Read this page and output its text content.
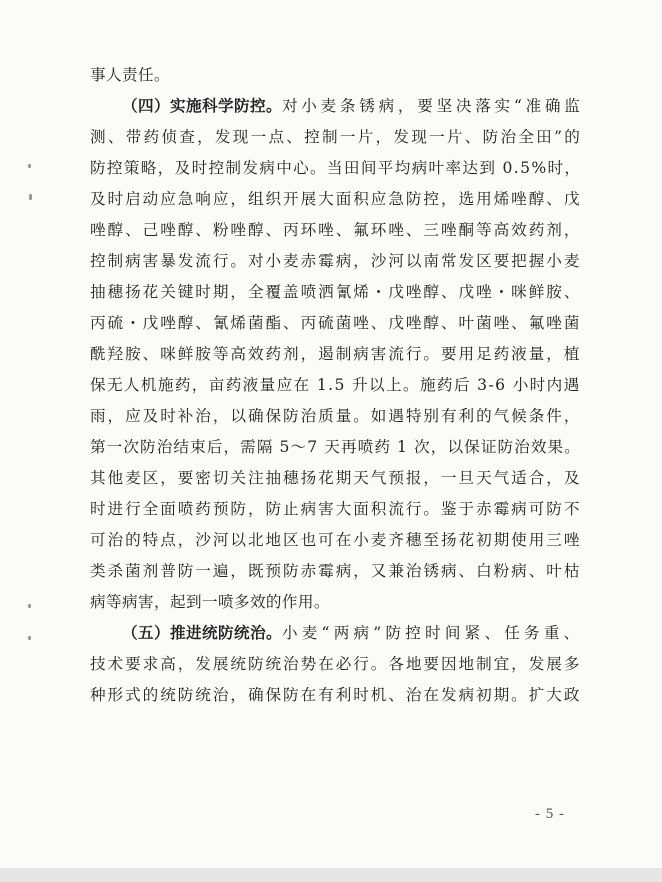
事人责任。
（四）实施科学防控。 对小麦条锈病，要坚决落实“准确监
测、带药侦查，发现一点、控制一片，发现一片、防治全田”的
防控策略，及时控制发病中心。当田间平均病叶率达到 0.5%时，
及时启动应急响应，组织开展大面积应急防控，选用烯唑醇、戊
唑醇、己唑醇、粉唑醇、丙环唑、氟环唑、三唑酮等高效药剂，
控制病害暴发流行。对小麦赤霉病，沙河以南常发区要把握小麦
抽穗扬花关键时期，全覆盖喷洒氰烯・戊唑醇、戊唑・咪鲜胺、
丙硫・戊唑醇、氰烯菌酯、丙硫菌唑、戊唑醇、叶菌唑、氟唑菌
酰羟胺、咪鲜胺等高效药剂，遏制病害流行。要用足药液量，植
保无人机施药，亩药液量应在 1.5 升以上。施药后 3-6 小时内遇
雨，应及时补治，以确保防治质量。如遇特别有利的气候条件，
第一次防治结束后，需隔 5～7 天再喷药 1 次，以保证防治效果。
其他麦区，要密切关注抽穗扬花期天气预报，一旦天气适合，及
时进行全面喷药预防，防止病害大面积流行。鉴于赤霉病可防不
可治的特点，沙河以北地区也可在小麦齐穗至扬花初期使用三唑
类杀菌剂普防一遍，既预防赤霉病，又兼治锈病、白粉病、叶枯
病等病害，起到一喷多效的作用。
（五）推进统防统治。 小麦“两病”防控时间紧、任务重、
技术要求高，发展统防统治势在必行。各地要因地制宜，发展多
种形式的统防统治，确保防在有利时机、治在发病初期。扩大政
- 5 -
